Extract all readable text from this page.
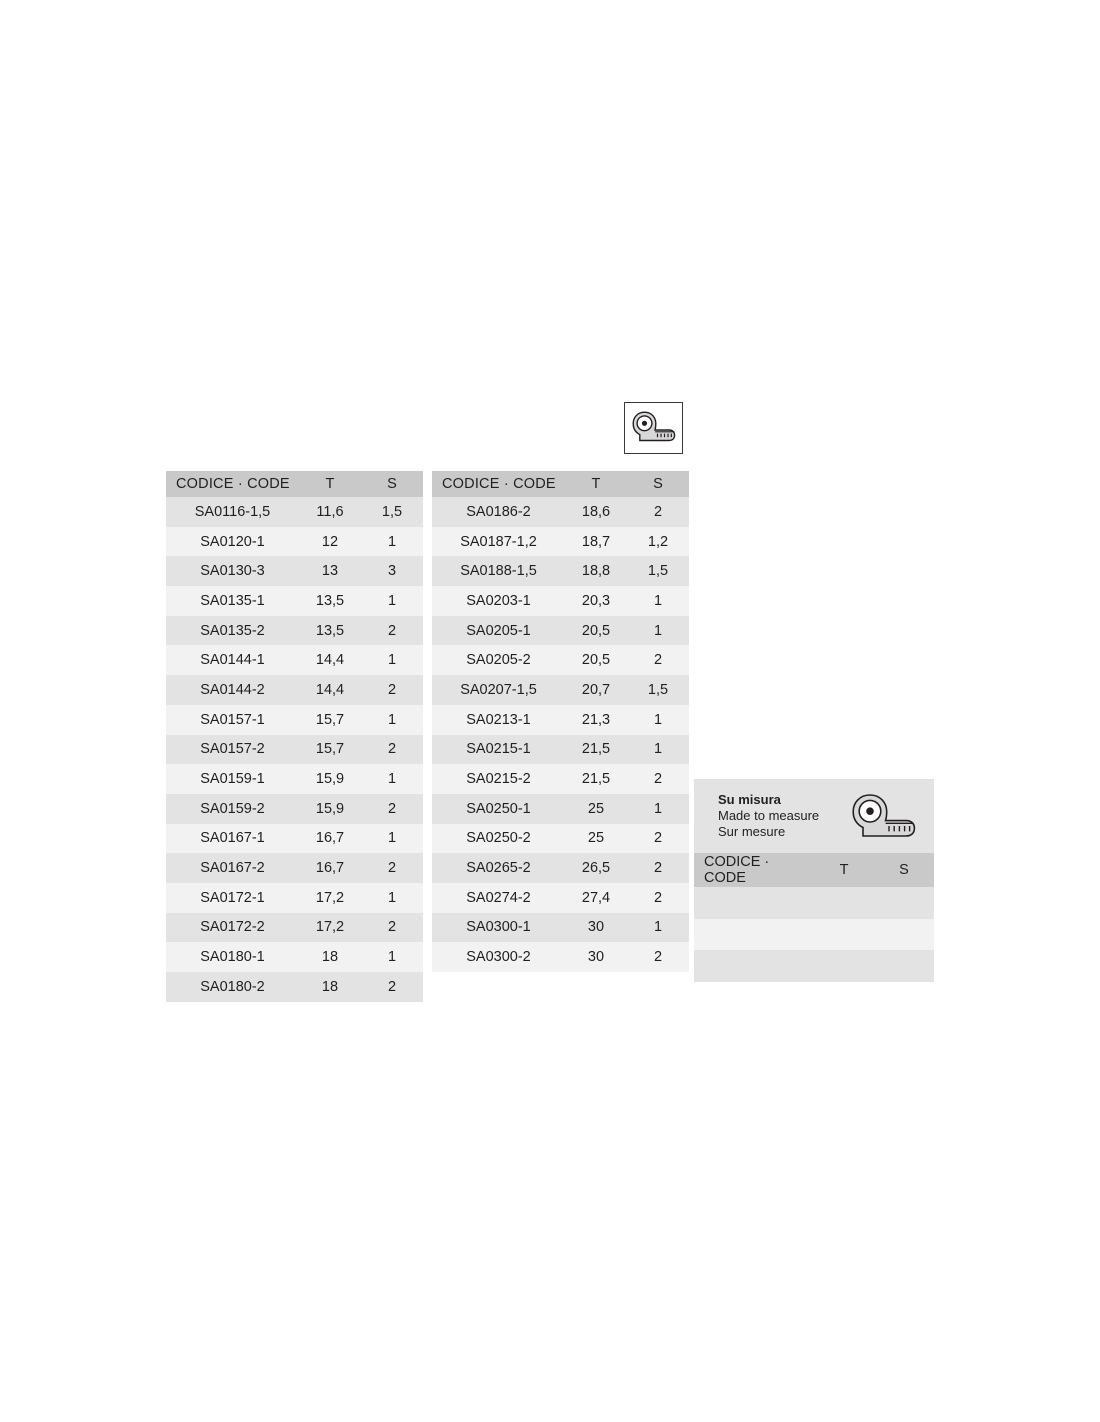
CODICE · CODE	T	S
SA0116-1,5	11,6	1,5
SA0120-1	12	1
SA0130-3	13	3
SA0135-1	13,5	1
SA0135-2	13,5	2
SA0144-1	14,4	1
SA0144-2	14,4	2
SA0157-1	15,7	1
SA0157-2	15,7	2
SA0159-1	15,9	1
SA0159-2	15,9	2
SA0167-1	16,7	1
SA0167-2	16,7	2
SA0172-1	17,2	1
SA0172-2	17,2	2
SA0180-1	18	1
SA0180-2	18	2
CODICE · CODE	T	S
SA0186-2	18,6	2
SA0187-1,2	18,7	1,2
SA0188-1,5	18,8	1,5
SA0203-1	20,3	1
SA0205-1	20,5	1
SA0205-2	20,5	2
SA0207-1,5	20,7	1,5
SA0213-1	21,3	1
SA0215-1	21,5	1
SA0215-2	21,5	2
SA0250-1	25	1
SA0250-2	25	2
SA0265-2	26,5	2
SA0274-2	27,4	2
SA0300-1	30	1
SA0300-2	30	2
Su misura
Made to measure
Sur mesure
CODICE · CODE	T	S
